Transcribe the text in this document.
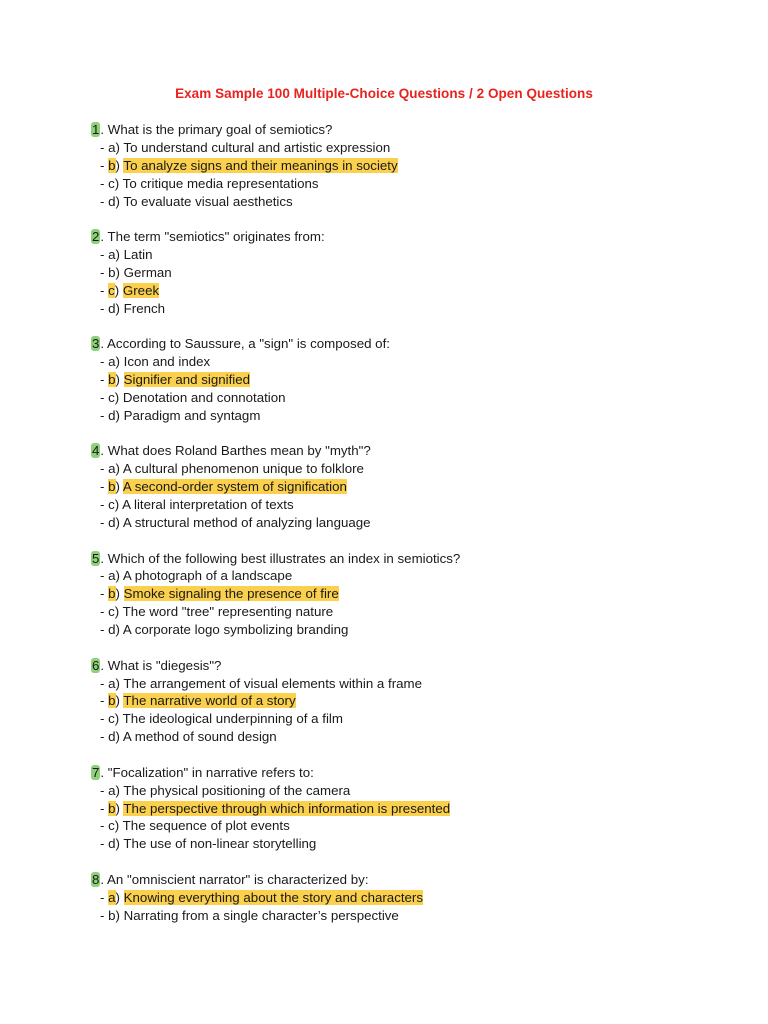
Exam Sample 100 Multiple-Choice Questions / 2 Open Questions
1. What is the primary goal of semiotics?
- a) To understand cultural and artistic expression
- b) To analyze signs and their meanings in society
- c) To critique media representations
- d) To evaluate visual aesthetics
2. The term "semiotics" originates from:
- a) Latin
- b) German
- c) Greek
- d) French
3. According to Saussure, a "sign" is composed of:
- a) Icon and index
- b) Signifier and signified
- c) Denotation and connotation
- d) Paradigm and syntagm
4. What does Roland Barthes mean by "myth"?
- a) A cultural phenomenon unique to folklore
- b) A second-order system of signification
- c) A literal interpretation of texts
- d) A structural method of analyzing language
5. Which of the following best illustrates an index in semiotics?
- a) A photograph of a landscape
- b) Smoke signaling the presence of fire
- c) The word "tree" representing nature
- d) A corporate logo symbolizing branding
6. What is "diegesis"?
- a) The arrangement of visual elements within a frame
- b) The narrative world of a story
- c) The ideological underpinning of a film
- d) A method of sound design
7. "Focalization" in narrative refers to:
- a) The physical positioning of the camera
- b) The perspective through which information is presented
- c) The sequence of plot events
- d) The use of non-linear storytelling
8. An "omniscient narrator" is characterized by:
- a) Knowing everything about the story and characters
- b) Narrating from a single character’s perspective
